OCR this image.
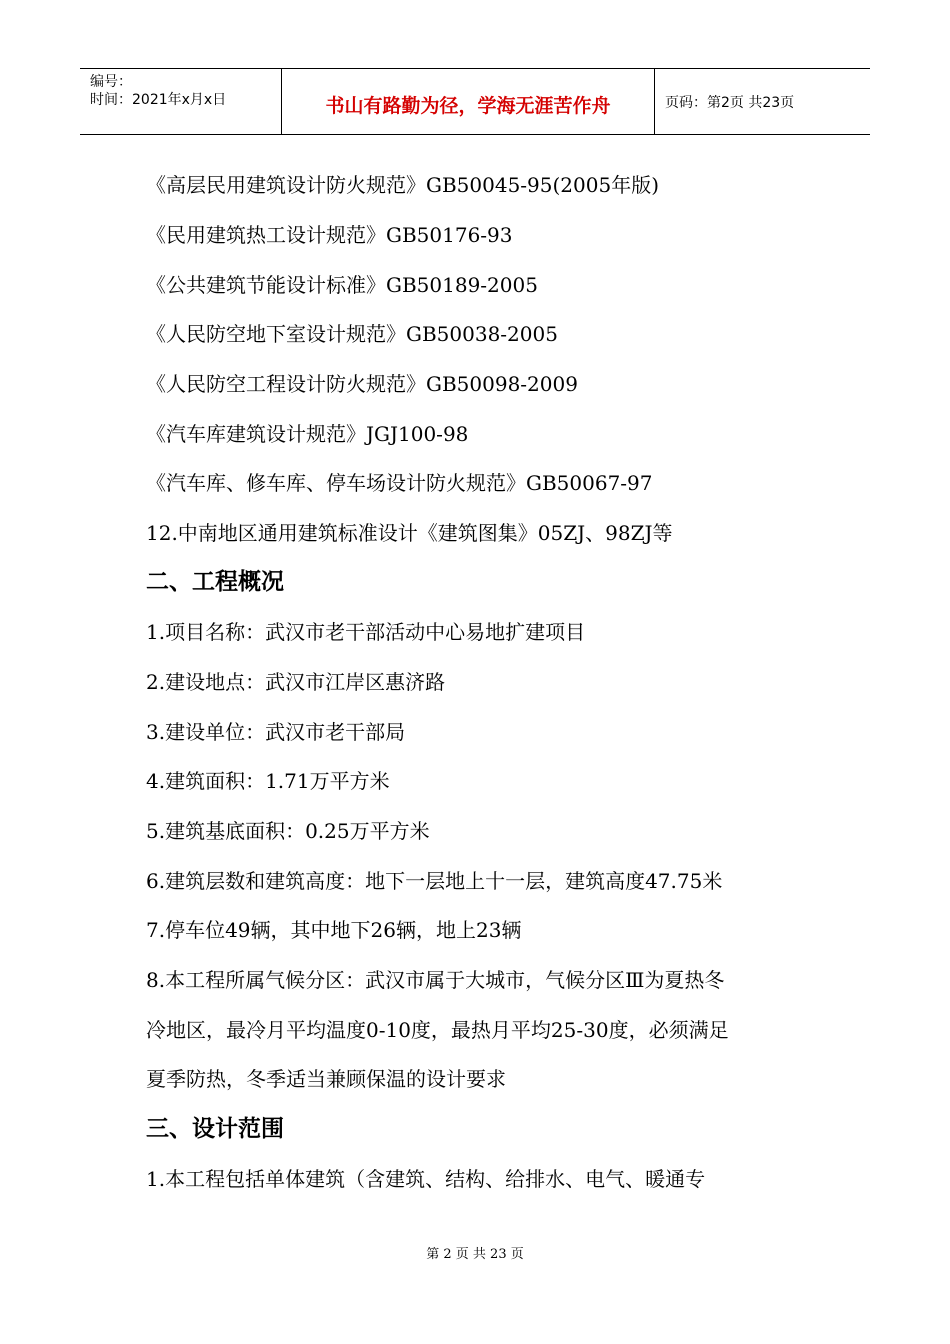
编号：
时间：2021年x月x日	书山有路勤为径，学海无涯苦作舟	页码：第2页 共23页
《高层民用建筑设计防火规范》GB50045-95(2005年版)
《民用建筑热工设计规范》GB50176-93
《公共建筑节能设计标准》GB50189-2005
《人民防空地下室设计规范》GB50038-2005
《人民防空工程设计防火规范》GB50098-2009
《汽车库建筑设计规范》JGJ100-98
《汽车库、修车库、停车场设计防火规范》GB50067-97
12.中南地区通用建筑标准设计《建筑图集》05ZJ、98ZJ等
二、工程概况
1.项目名称：武汉市老干部活动中心易地扩建项目
2.建设地点：武汉市江岸区惠济路
3.建设单位：武汉市老干部局
4.建筑面积：1.71万平方米
5.建筑基底面积：0.25万平方米
6.建筑层数和建筑高度：地下一层地上十一层，建筑高度47.75米
7.停车位49辆，其中地下26辆，地上23辆
8.本工程所属气候分区：武汉市属于大城市，气候分区Ⅲ为夏热冬
冷地区，最冷月平均温度0-10度，最热月平均25-30度，必须满足
夏季防热，冬季适当兼顾保温的设计要求
三、设计范围
1.本工程包括单体建筑（含建筑、结构、给排水、电气、暖通专
第 2 页 共 23 页
